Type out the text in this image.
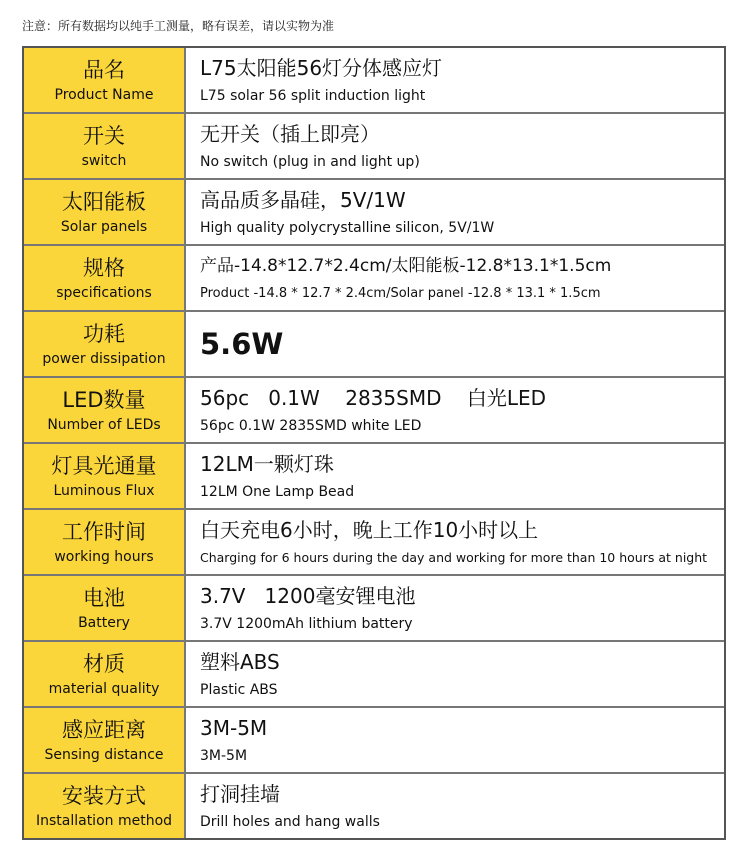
注意：所有数据均以纯手工测量，略有误差，请以实物为准
品名
Product Name
L75太阳能56灯分体感应灯
L75 solar 56 split induction light
开关
switch
无开关（插上即亮）
No switch (plug in and light up)
太阳能板
Solar panels
高品质多晶硅，5V/1W
High quality polycrystalline silicon, 5V/1W
规格
specifications
产品-14.8*12.7*2.4cm/太阳能板-12.8*13.1*1.5cm
Product -14.8 * 12.7 * 2.4cm/Solar panel -12.8 * 13.1 * 1.5cm
功耗
power dissipation 5.6W
LED数量
Number of LEDs
56pc   0.1W    2835SMD    白光LED
56pc 0.1W 2835SMD white LED
灯具光通量
Luminous Flux
12LM一颗灯珠
12LM One Lamp Bead
工作时间
working hours
白天充电6小时，晚上工作10小时以上
Charging for 6 hours during the day and working for more than 10 hours at night
电池
Battery
3.7V   1200毫安锂电池
3.7V 1200mAh lithium battery
材质
material quality
塑料ABS
Plastic ABS
感应距离
Sensing distance
3M-5M
3M-5M
安装方式
Installation method
打洞挂墙
Drill holes and hang walls
